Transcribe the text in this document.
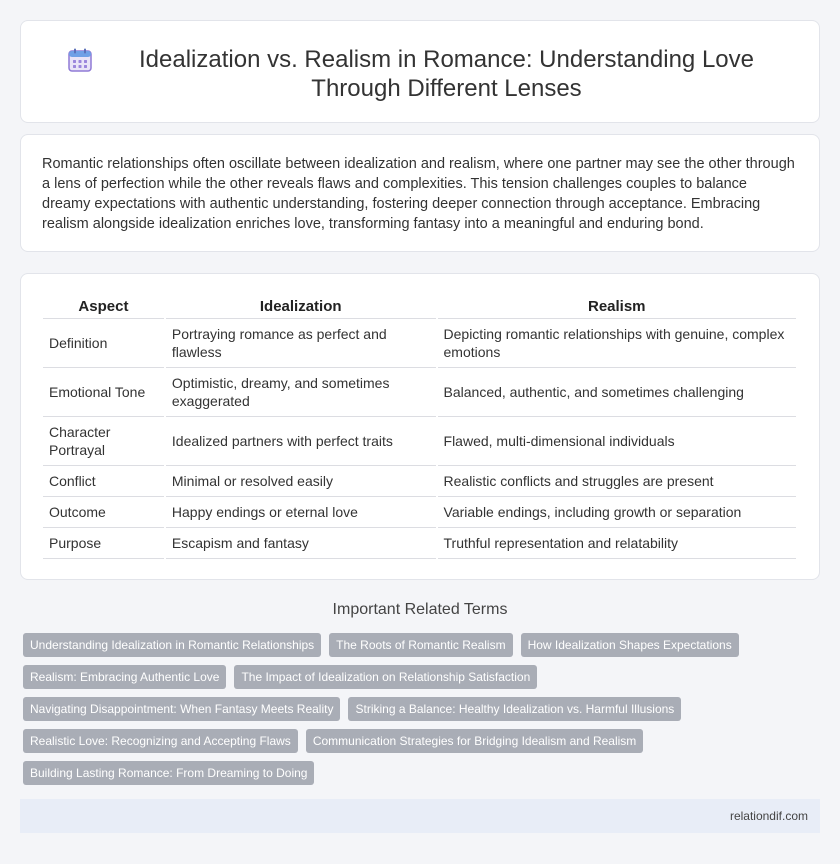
Idealization vs. Realism in Romance: Understanding Love Through Different Lenses

Romantic relationships often oscillate between idealization and realism, where one partner may see the other through a lens of perfection while the other reveals flaws and complexities. This tension challenges couples to balance dreamy expectations with authentic understanding, fostering deeper connection through acceptance. Embracing realism alongside idealization enriches love, transforming fantasy into a meaningful and enduring bond.

Aspect	Idealization	Realism
Definition	Portraying romance as perfect and flawless	Depicting romantic relationships with genuine, complex emotions
Emotional Tone	Optimistic, dreamy, and sometimes exaggerated	Balanced, authentic, and sometimes challenging
Character Portrayal	Idealized partners with perfect traits	Flawed, multi-dimensional individuals
Conflict	Minimal or resolved easily	Realistic conflicts and struggles are present
Outcome	Happy endings or eternal love	Variable endings, including growth or separation
Purpose	Escapism and fantasy	Truthful representation and relatability
Important Related Terms
Understanding Idealization in Romantic Relationships	The Roots of Romantic Realism	How Idealization Shapes Expectations
Realism: Embracing Authentic Love	The Impact of Idealization on Relationship Satisfaction
Navigating Disappointment: When Fantasy Meets Reality	Striking a Balance: Healthy Idealization vs. Harmful Illusions
Realistic Love: Recognizing and Accepting Flaws	Communication Strategies for Bridging Idealism and Realism
Building Lasting Romance: From Dreaming to Doing
relationdif.com
